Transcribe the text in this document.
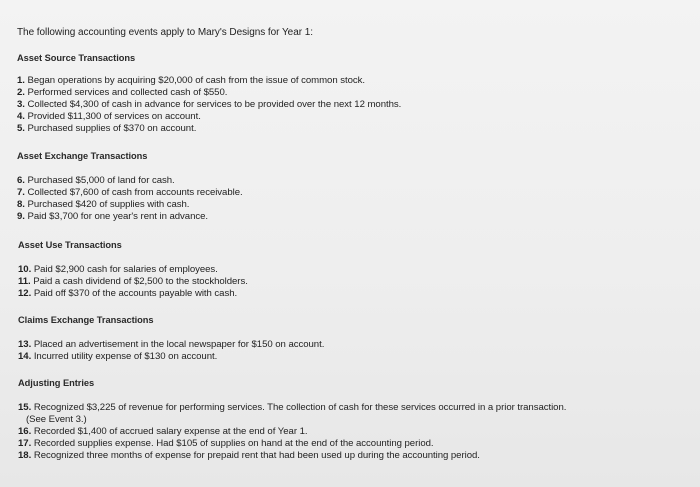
The following accounting events apply to Mary's Designs for Year 1:
Asset Source Transactions
1. Began operations by acquiring $20,000 of cash from the issue of common stock.
2. Performed services and collected cash of $550.
3. Collected $4,300 of cash in advance for services to be provided over the next 12 months.
4. Provided $11,300 of services on account.
5. Purchased supplies of $370 on account.
Asset Exchange Transactions
6. Purchased $5,000 of land for cash.
7. Collected $7,600 of cash from accounts receivable.
8. Purchased $420 of supplies with cash.
9. Paid $3,700 for one year's rent in advance.
Asset Use Transactions
10. Paid $2,900 cash for salaries of employees.
11. Paid a cash dividend of $2,500 to the stockholders.
12. Paid off $370 of the accounts payable with cash.
Claims Exchange Transactions
13. Placed an advertisement in the local newspaper for $150 on account.
14. Incurred utility expense of $130 on account.
Adjusting Entries
15. Recognized $3,225 of revenue for performing services. The collection of cash for these services occurred in a prior transaction.
(See Event 3.)
16. Recorded $1,400 of accrued salary expense at the end of Year 1.
17. Recorded supplies expense. Had $105 of supplies on hand at the end of the accounting period.
18. Recognized three months of expense for prepaid rent that had been used up during the accounting period.
